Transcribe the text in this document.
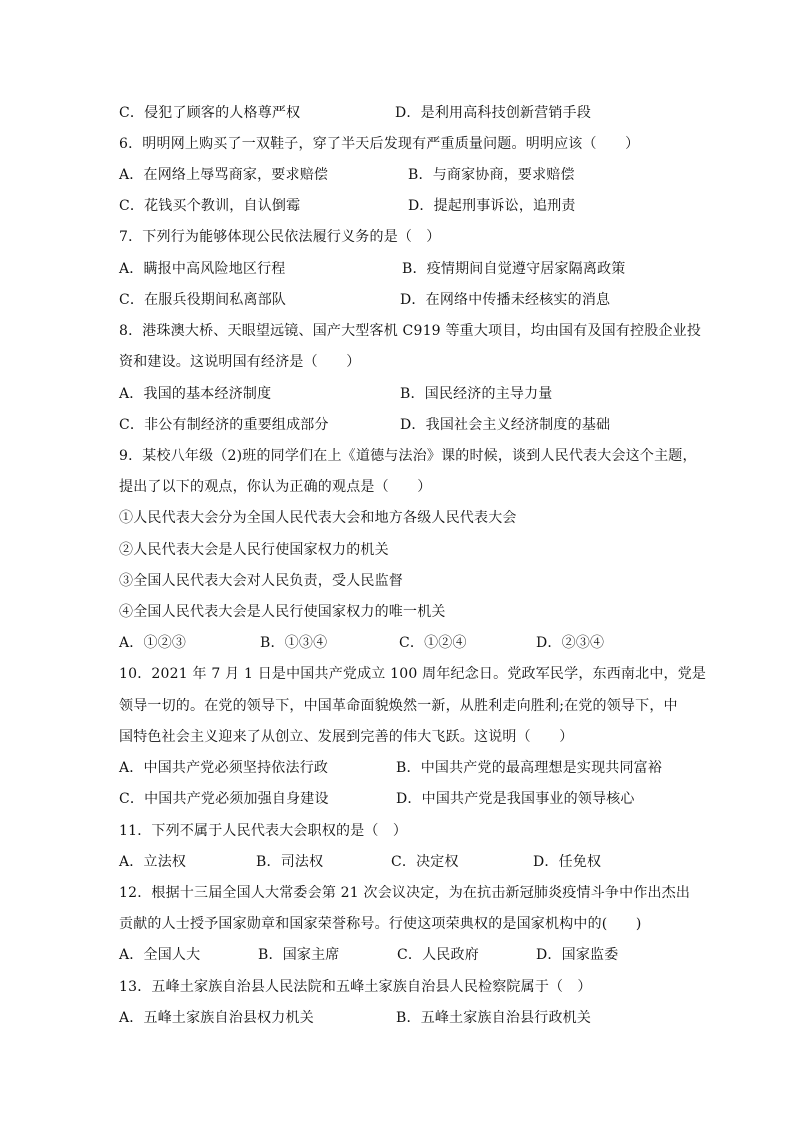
C．侵犯了顾客的人格尊严权	D．是利用高科技创新营销手段
6．明明网上购买了一双鞋子，穿了半天后发现有严重质量问题。明明应该（　　）
A．在网络上辱骂商家，要求赔偿	B．与商家协商，要求赔偿
C．花钱买个教训，自认倒霉	D．提起刑事诉讼，追刑责
7．下列行为能够体现公民依法履行义务的是（　）
A．瞒报中高风险地区行程	B．疫情期间自觉遵守居家隔离政策
C．在服兵役期间私离部队	D．在网络中传播未经核实的消息
8．港珠澳大桥、天眼望远镜、国产大型客机 C919 等重大项目，均由国有及国有控股企业投
资和建设。这说明国有经济是（　　）
A．我国的基本经济制度	B．国民经济的主导力量
C．非公有制经济的重要组成部分	D．我国社会主义经济制度的基础
9．某校八年级（2)班的同学们在上《道德与法治》课的时候，谈到人民代表大会这个主题，
提出了以下的观点，你认为正确的观点是（　　）
①人民代表大会分为全国人民代表大会和地方各级人民代表大会
②人民代表大会是人民行使国家权力的机关
③全国人民代表大会对人民负责，受人民监督
④全国人民代表大会是人民行使国家权力的唯一机关
A．①②③	B．①③④	C．①②④	D．②③④
10．2021 年 7 月 1 日是中国共产党成立 100 周年纪念日。党政军民学，东西南北中，党是
领导一切的。在党的领导下，中国革命面貌焕然一新，从胜利走向胜利;在党的领导下，中
国特色社会主义迎来了从创立、发展到完善的伟大飞跃。这说明（　　）
A．中国共产党必须坚持依法行政	B．中国共产党的最高理想是实现共同富裕
C．中国共产党必须加强自身建设	D．中国共产党是我国事业的领导核心
11．下列不属于人民代表大会职权的是（　）
A．立法权	B．司法权	C．决定权	D．任免权
12．根据十三届全国人大常委会第 21 次会议决定，为在抗击新冠肺炎疫情斗争中作出杰出
贡献的人士授予国家勋章和国家荣誉称号。行使这项荣典权的是国家机构中的(　　)
A．全国人大	B．国家主席	C．人民政府	D．国家监委
13．五峰土家族自治县人民法院和五峰土家族自治县人民检察院属于（　）
A．五峰土家族自治县权力机关	B．五峰土家族自治县行政机关
